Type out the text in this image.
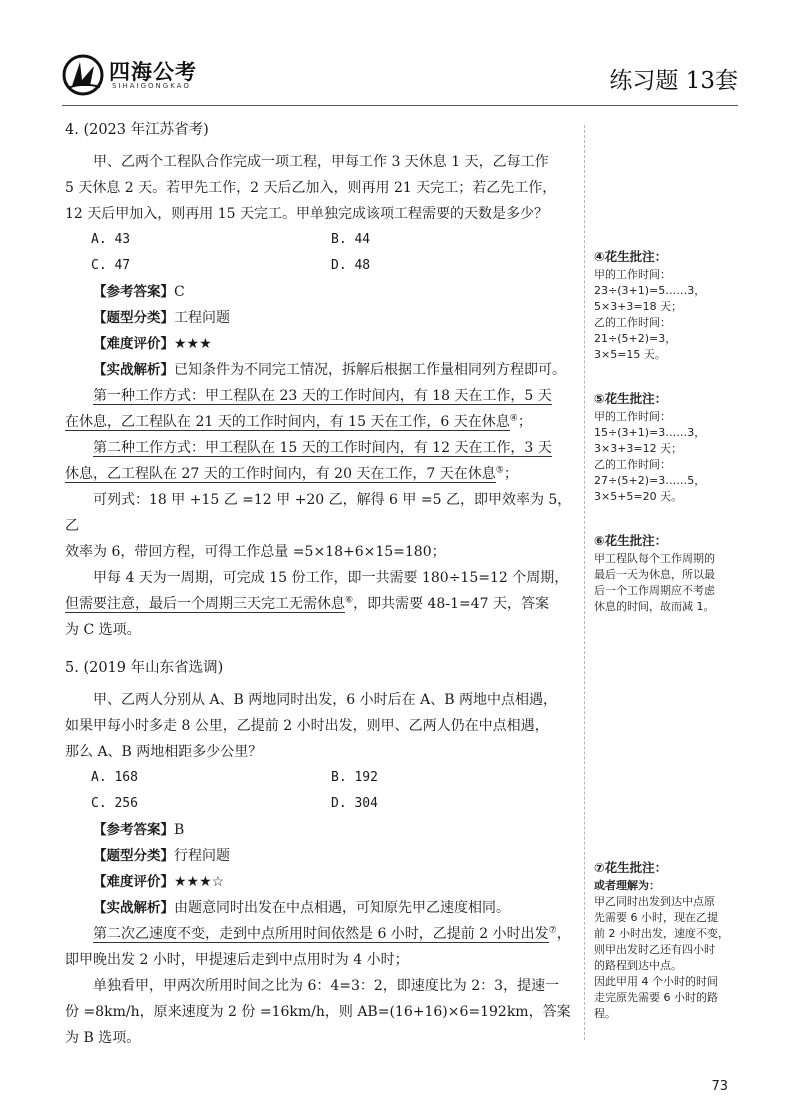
四海公考
SIHAIGONGKAO	练习题 13套

4. (2023 年江苏省考)

甲、乙两个工程队合作完成一项工程，甲每工作 3 天休息 1 天，乙每工作

5 天休息 2 天。若甲先工作，2 天后乙加入，则再用 21 天完工；若乙先工作，

12 天后甲加入，则再用 15 天完工。甲单独完成该项工程需要的天数是多少？

A. 43	B. 44
C. 47	D. 48

【参考答案】C

【题型分类】工程问题

【难度评价】★★★

【实战解析】已知条件为不同完工情况，拆解后根据工作量相同列方程即可。

第一种工作方式：甲工程队在 23 天的工作时间内，有 18 天在工作，5 天

在休息，乙工程队在 21 天的工作时间内，有 15 天在工作，6 天在休息④；

第二种工作方式：甲工程队在 15 天的工作时间内，有 12 天在工作，3 天

休息，乙工程队在 27 天的工作时间内，有 20 天在工作，7 天在休息⑤；

可列式：18 甲 +15 乙 =12 甲 +20 乙，解得 6 甲 =5 乙，即甲效率为 5，乙

效率为 6，带回方程，可得工作总量 =5×18+6×15=180；

甲每 4 天为一周期，可完成 15 份工作，即一共需要 180÷15=12 个周期，

但需要注意，最后一个周期三天完工无需休息⑥，即共需要 48-1=47 天，答案

为 C 选项。

5. (2019 年山东省选调)

甲、乙两人分别从 A、B 两地同时出发，6 小时后在 A、B 两地中点相遇，

如果甲每小时多走 8 公里，乙提前 2 小时出发，则甲、乙两人仍在中点相遇，

那么 A、B 两地相距多少公里？

A. 168	B. 192
C. 256	D. 304

【参考答案】B

【题型分类】行程问题

【难度评价】★★★☆

【实战解析】由题意同时出发在中点相遇，可知原先甲乙速度相同。

第二次乙速度不变，走到中点所用时间依然是 6 小时，乙提前 2 小时出发⑦，

即甲晚出发 2 小时，甲提速后走到中点用时为 4 小时；

单独看甲，甲两次所用时间之比为 6：4=3：2，即速度比为 2：3，提速一

份 =8km/h，原来速度为 2 份 =16km/h，则 AB=(16+16)×6=192km，答案为 B 选项。

④花生批注：
甲的工作时间：
23÷(3+1)=5……3，
5×3+3=18 天；
乙的工作时间：
21÷(5+2)=3，
3×5=15 天。
⑤花生批注：
甲的工作时间：
15÷(3+1)=3……3，
3×3+3=12 天；
乙的工作时间：
27÷(5+2)=3……5，
3×5+5=20 天。
⑥花生批注：
甲工程队每个工作周期的
最后一天为休息，所以最
后一个工作周期应不考虑
休息的时间，故而减 1。
⑦花生批注：
或者理解为：
甲乙同时出发到达中点原
先需要 6 小时，现在乙提
前 2 小时出发，速度不变，
则甲出发时乙还有四小时
的路程到达中点。
因此甲用 4 个小时的时间
走完原先需要 6 小时的路
程。
73
